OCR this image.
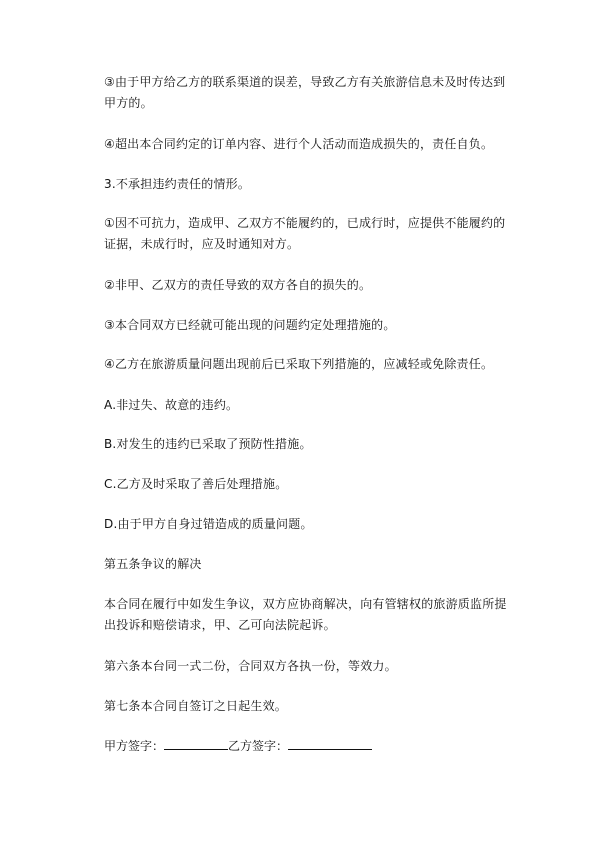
③由于甲方给乙方的联系渠道的误差，导致乙方有关旅游信息未及时传达到甲方的。

④超出本合同约定的订单内容、进行个人活动而造成损失的，责任自负。

3.不承担违约责任的情形。

①因不可抗力，造成甲、乙双方不能履约的，已成行时，应提供不能履约的证据，未成行时，应及时通知对方。

②非甲、乙双方的责任导致的双方各自的损失的。

③本合同双方已经就可能出现的问题约定处理措施的。

④乙方在旅游质量问题出现前后已采取下列措施的，应减轻或免除责任。

A.非过失、故意的违约。

B.对发生的违约已采取了预防性措施。

C.乙方及时采取了善后处理措施。

D.由于甲方自身过错造成的质量问题。

第五条争议的解决

本合同在履行中如发生争议，双方应协商解决，向有管辖权的旅游质监所提出投诉和赔偿请求，甲、乙可向法院起诉。

第六条本台同一式二份，合同双方各执一份，等效力。

第七条本合同自签订之日起生效。

甲方签字：	乙方签字：
